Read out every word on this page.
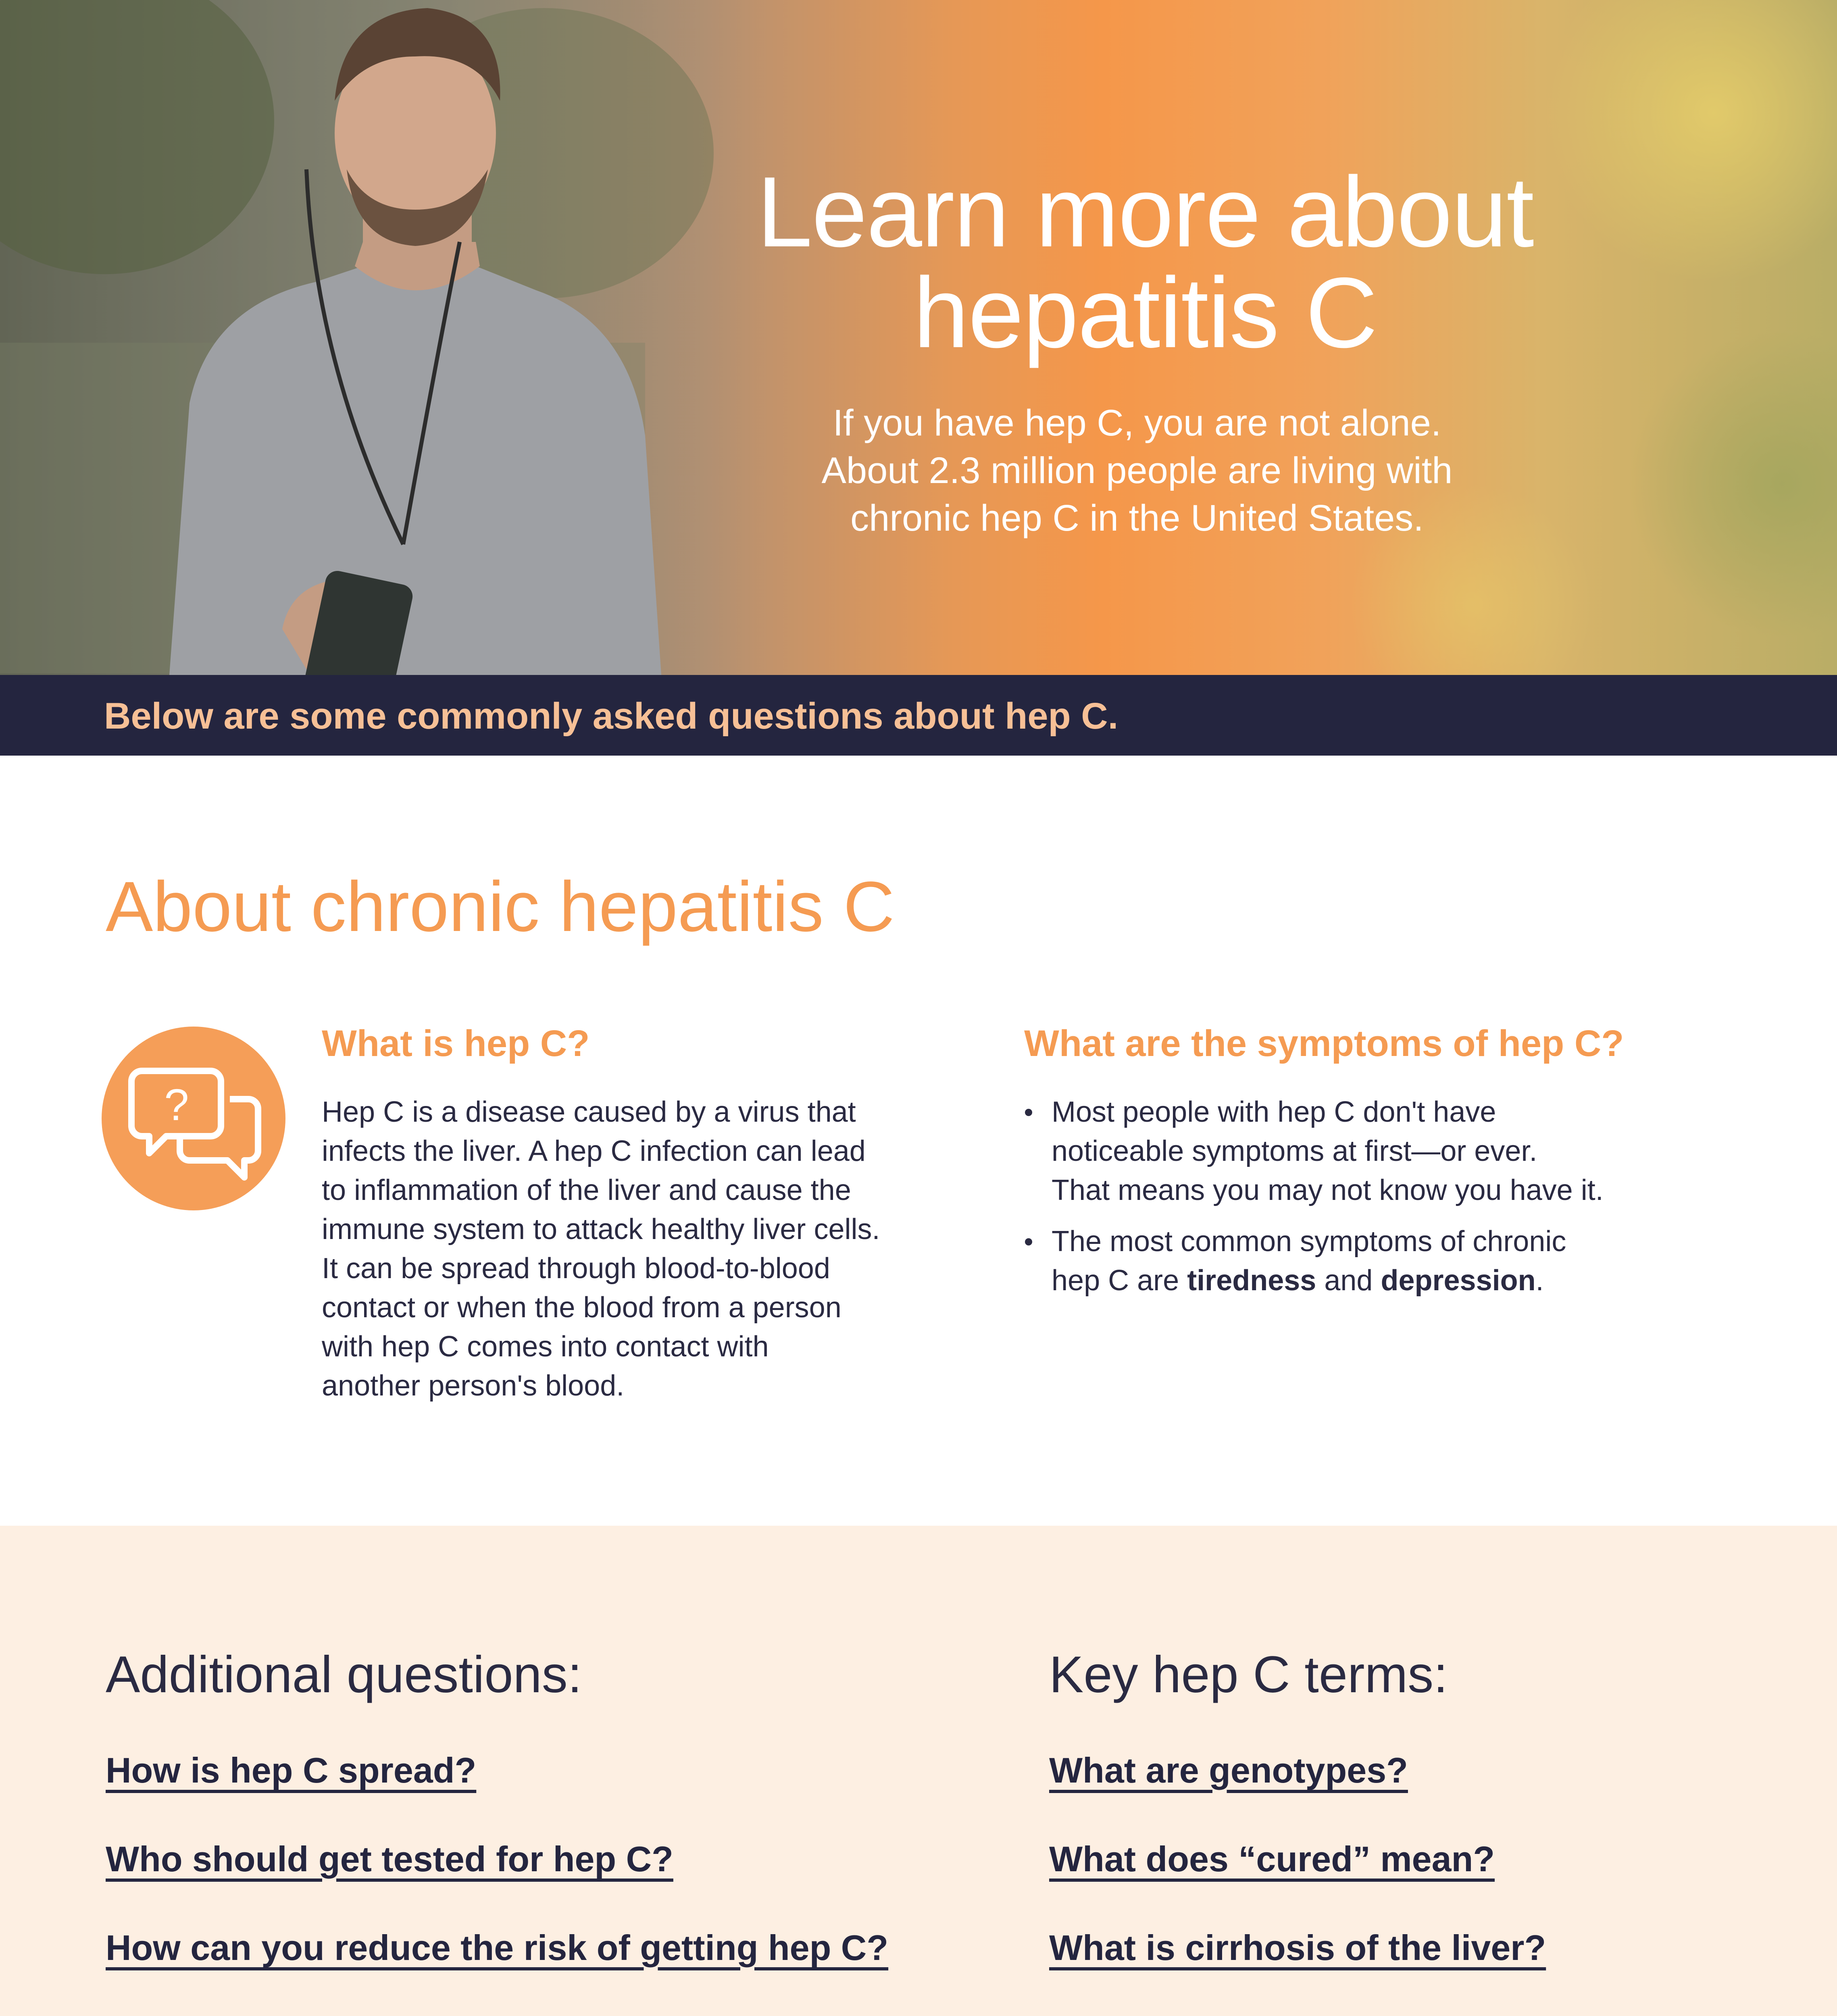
Learn more about
hepatitis C
If you have hep C, you are not alone.
About 2.3 million people are living with
chronic hep C in the United States.
Below are some commonly asked questions about hep C.
About chronic hepatitis C
?
What is hep C?
Hep C is a disease caused by a virus that
infects the liver. A hep C infection can lead
to inflammation of the liver and cause the
immune system to attack healthy liver cells.
It can be spread through blood-to-blood
contact or when the blood from a person
with hep C comes into contact with
another person's blood.
What are the symptoms of hep C?
Most people with hep C don't have
noticeable symptoms at first—or ever.
That means you may not know you have it.
The most common symptoms of chronic
hep C are tiredness and depression.
Additional questions:
How is hep C spread?
Who should get tested for hep C?
How can you reduce the risk of getting hep C?
Key hep C terms:
What are genotypes?
What does “cured” mean?
What is cirrhosis of the liver?
